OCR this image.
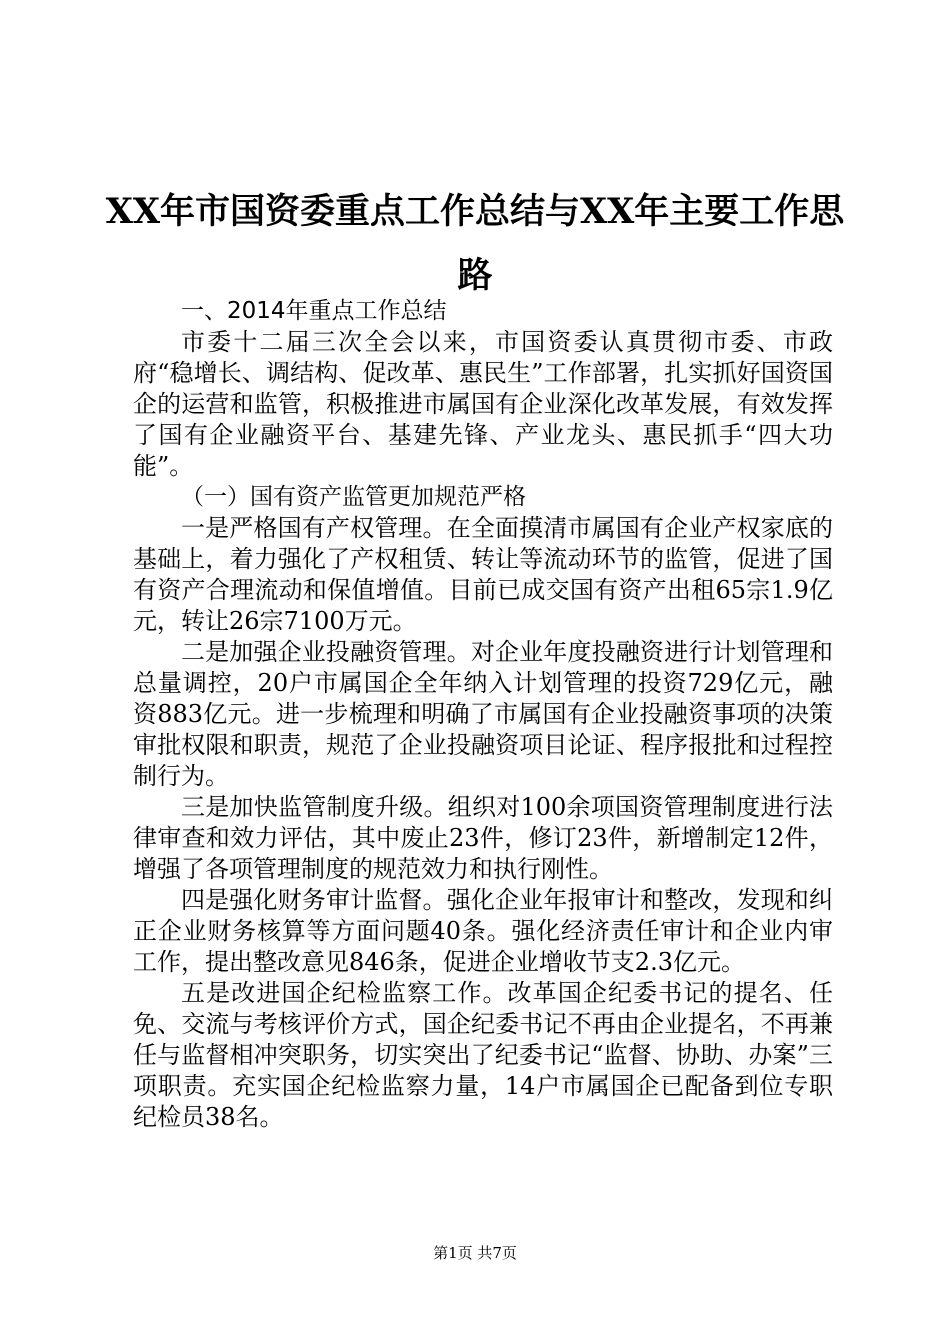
XX年市国资委重点工作总结与XX年主要工作思路

一、2014年重点工作总结

市委十二届三次全会以来，市国资委认真贯彻市委、市政府“稳增长、调结构、促改革、惠民生”工作部署，扎实抓好国资国企的运营和监管，积极推进市属国有企业深化改革发展，有效发挥了国有企业融资平台、基建先锋、产业龙头、惠民抓手“四大功能”。

（一）国有资产监管更加规范严格

一是严格国有产权管理。在全面摸清市属国有企业产权家底的基础上，着力强化了产权租赁、转让等流动环节的监管，促进了国有资产合理流动和保值增值。目前已成交国有资产出租65宗1.9亿元，转让26宗7100万元。

二是加强企业投融资管理。对企业年度投融资进行计划管理和总量调控，20户市属国企全年纳入计划管理的投资729亿元，融资883亿元。进一步梳理和明确了市属国有企业投融资事项的决策审批权限和职责，规范了企业投融资项目论证、程序报批和过程控制行为。

三是加快监管制度升级。组织对100余项国资管理制度进行法律审查和效力评估，其中废止23件，修订23件，新增制定12件，增强了各项管理制度的规范效力和执行刚性。

四是强化财务审计监督。强化企业年报审计和整改，发现和纠正企业财务核算等方面问题40条。强化经济责任审计和企业内审工作，提出整改意见846条，促进企业增收节支2.3亿元。

五是改进国企纪检监察工作。改革国企纪委书记的提名、任免、交流与考核评价方式，国企纪委书记不再由企业提名，不再兼任与监督相冲突职务，切实突出了纪委书记“监督、协助、办案”三项职责。充实国企纪检监察力量，14户市属国企已配备到位专职纪检员38名。

第1页 共7页
